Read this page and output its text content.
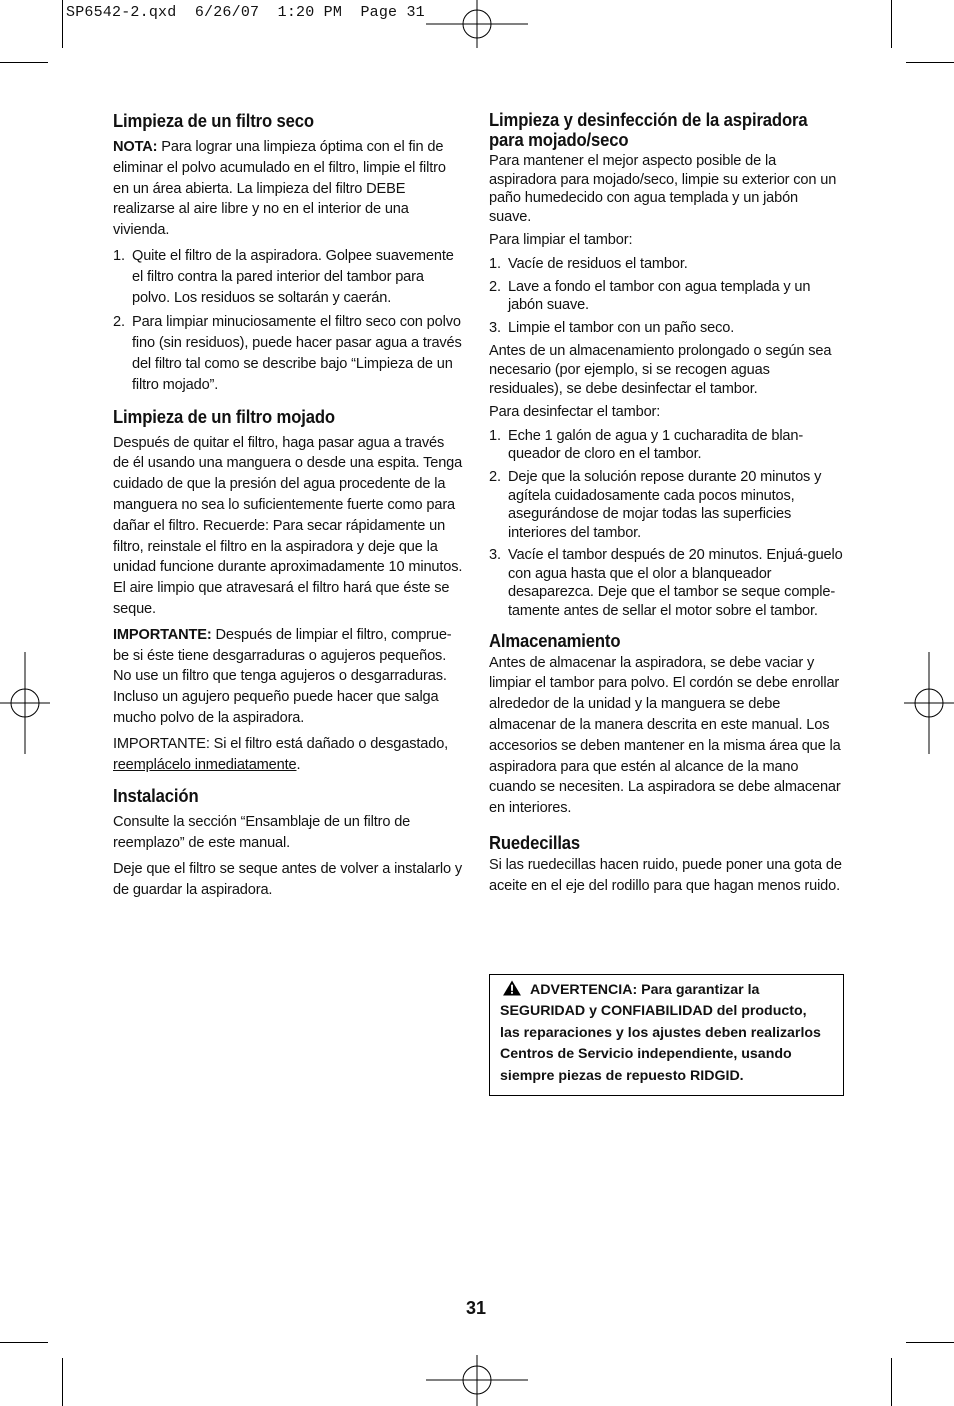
SP6542-2.qxd  6/26/07  1:20 PM  Page 31
Limpieza de un filtro seco

NOTA: Para lograr una limpieza óptima con el fin de eliminar el polvo acumulado en el filtro, limpie el filtro en un área abierta. La limpieza del filtro DEBE realizarse al aire libre y no en el interior de una vivienda.

1. Quite el filtro de la aspiradora. Golpee suavemente el filtro contra la pared interior del tambor para polvo. Los residuos se soltarán y caerán.
2. Para limpiar minuciosamente el filtro seco con polvo fino (sin residuos), puede hacer pasar agua a través del filtro tal como se describe bajo “Limpieza de un filtro mojado”.
Limpieza de un filtro mojado

Después de quitar el filtro, haga pasar agua a través de él usando una manguera o desde una espita. Tenga cuidado de que la presión del agua procedente de la manguera no sea lo suficientemente fuerte como para dañar el filtro. Recuerde: Para secar rápidamente un filtro, reinstale el filtro en la aspiradora y deje que la unidad funcione durante aproximadamente 10 minutos. El aire limpio que atravesará el filtro hará que éste se seque.

IMPORTANTE: Después de limpiar el filtro, comprue-be si éste tiene desgarraduras o agujeros pequeños. No use un filtro que tenga agujeros o desgarraduras. Incluso un agujero pequeño puede hacer que salga mucho polvo de la aspiradora.

IMPORTANTE: Si el filtro está dañado o desgastado, reemplácelo inmediatamente.

Instalación

Consulte la sección “Ensamblaje de un filtro de reemplazo” de este manual.

Deje que el filtro se seque antes de volver a instalarlo y de guardar la aspiradora.

Limpieza y desinfección de la aspiradora para mojado/seco

Para mantener el mejor aspecto posible de la aspiradora para mojado/seco, limpie su exterior con un paño humedecido con agua templada y un jabón suave.

Para limpiar el tambor:

1. Vacíe de residuos el tambor.
2. Lave a fondo el tambor con agua templada y un jabón suave.
3. Limpie el tambor con un paño seco.

Antes de un almacenamiento prolongado o según sea necesario (por ejemplo, si se recogen aguas residuales), se debe desinfectar el tambor.

Para desinfectar el tambor:

1. Eche 1 galón de agua y 1 cucharadita de blan-queador de cloro en el tambor.
2. Deje que la solución repose durante 20 minutos y agítela cuidadosamente cada pocos minutos, asegurándose de mojar todas las superficies interiores del tambor.
3. Vacíe el tambor después de 20 minutos. Enjuá-guelo con agua hasta que el olor a blanqueador desaparezca. Deje que el tambor se seque comple-tamente antes de sellar el motor sobre el tambor.
Almacenamiento

Antes de almacenar la aspiradora, se debe vaciar y limpiar el tambor para polvo. El cordón se debe enrollar alrededor de la unidad y la manguera se debe almacenar de la manera descrita en este manual. Los accesorios se deben mantener en la misma área que la aspiradora para que estén al alcance de la mano cuando se necesiten. La aspiradora se debe almacenar en interiores.

Ruedecillas

Si las ruedecillas hacen ruido, puede poner una gota de aceite en el eje del rodillo para que hagan menos ruido.

ADVERTENCIA: Para garantizar la
SEGURIDAD y CONFIABILIDAD del producto,
las reparaciones y los ajustes deben realizarlos
Centros de Servicio independiente, usando
siempre piezas de repuesto RIDGID.
31
